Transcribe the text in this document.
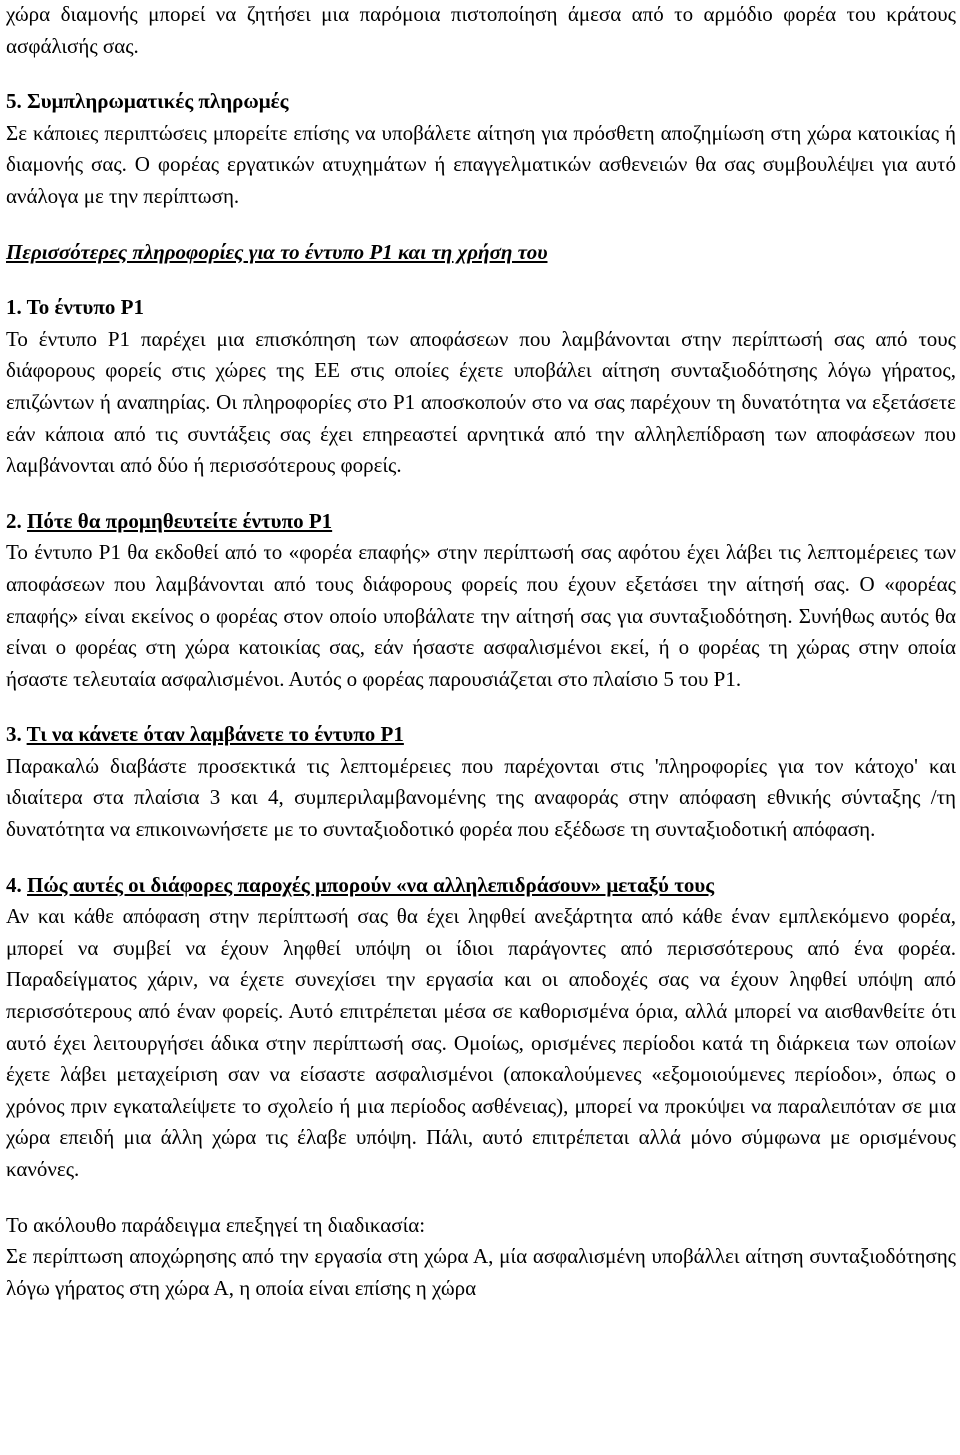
χώρα διαμονής μπορεί να ζητήσει μια παρόμοια πιστοποίηση άμεσα από το αρμόδιο φορέα του κράτους ασφάλισής σας.

5. Συμπληρωματικές πληρωμές

Σε κάποιες περιπτώσεις μπορείτε επίσης να υποβάλετε αίτηση για πρόσθετη αποζημίωση στη χώρα κατοικίας ή διαμονής σας. Ο φορέας εργατικών ατυχημάτων ή επαγγελματικών ασθενειών θα σας συμβουλέψει για αυτό ανάλογα με την περίπτωση.

Περισσότερες πληροφορίες για το έντυπο P1 και τη χρήση του

1. Το έντυπο P1

Το έντυπο P1 παρέχει μια επισκόπηση των αποφάσεων που λαμβάνονται στην περίπτωσή σας από τους διάφορους φορείς στις χώρες της ΕΕ στις οποίες έχετε υποβάλει αίτηση συνταξιοδότησης λόγω γήρατος, επιζώντων ή αναπηρίας. Οι πληροφορίες στο P1 αποσκοπούν στο να σας παρέχουν τη δυνατότητα να εξετάσετε εάν κάποια από τις συντάξεις σας έχει επηρεαστεί αρνητικά από την αλληλεπίδραση των αποφάσεων που λαμβάνονται από δύο ή περισσότερους φορείς.

2. Πότε θα προμηθευτείτε έντυπο P1

Το έντυπο P1 θα εκδοθεί από το «φορέα επαφής» στην περίπτωσή σας αφότου έχει λάβει τις λεπτομέρειες των αποφάσεων που λαμβάνονται από τους διάφορους φορείς που έχουν εξετάσει την αίτησή σας. Ο «φορέας επαφής» είναι εκείνος ο φορέας στον οποίο υποβάλατε την αίτησή σας για συνταξιοδότηση. Συνήθως αυτός θα είναι ο φορέας στη χώρα κατοικίας σας, εάν ήσαστε ασφαλισμένοι εκεί, ή ο φορέας τη χώρας στην οποία ήσαστε τελευταία ασφαλισμένοι. Αυτός ο φορέας παρουσιάζεται στο πλαίσιο 5 του P1.

3. Τι να κάνετε όταν λαμβάνετε το έντυπο P1

Παρακαλώ διαβάστε προσεκτικά τις λεπτομέρειες που παρέχονται στις 'πληροφορίες για τον κάτοχο' και ιδιαίτερα στα πλαίσια 3 και 4, συμπεριλαμβανομένης της αναφοράς στην απόφαση εθνικής σύνταξης /τη δυνατότητα να επικοινωνήσετε με το συνταξιοδοτικό φορέα που εξέδωσε τη συνταξιοδοτική απόφαση.

4. Πώς αυτές οι διάφορες παροχές μπορούν «να αλληλεπιδράσουν» μεταξύ τους

Αν και κάθε απόφαση στην περίπτωσή σας θα έχει ληφθεί ανεξάρτητα από κάθε έναν εμπλεκόμενο φορέα, μπορεί να συμβεί να έχουν ληφθεί υπόψη οι ίδιοι παράγοντες από περισσότερους από ένα φορέα. Παραδείγματος χάριν, να έχετε συνεχίσει την εργασία και οι αποδοχές σας να έχουν ληφθεί υπόψη από περισσότερους από έναν φορείς. Αυτό επιτρέπεται μέσα σε καθορισμένα όρια, αλλά μπορεί να αισθανθείτε ότι αυτό έχει λειτουργήσει άδικα στην περίπτωσή σας. Ομοίως, ορισμένες περίοδοι κατά τη διάρκεια των οποίων έχετε λάβει μεταχείριση σαν να είσαστε ασφαλισμένοι (αποκαλούμενες «εξομοιούμενες περίοδοι», όπως ο χρόνος πριν εγκαταλείψετε το σχολείο ή μια περίοδος ασθένειας), μπορεί να προκύψει να παραλειπόταν σε μια χώρα επειδή μια άλλη χώρα τις έλαβε υπόψη. Πάλι, αυτό επιτρέπεται αλλά μόνο σύμφωνα με ορισμένους κανόνες.

Το ακόλουθο παράδειγμα επεξηγεί τη διαδικασία:

Σε περίπτωση αποχώρησης από την εργασία στη χώρα Α, μία ασφαλισμένη υποβάλλει αίτηση συνταξιοδότησης λόγω γήρατος στη χώρα Α, η οποία είναι επίσης η χώρα
